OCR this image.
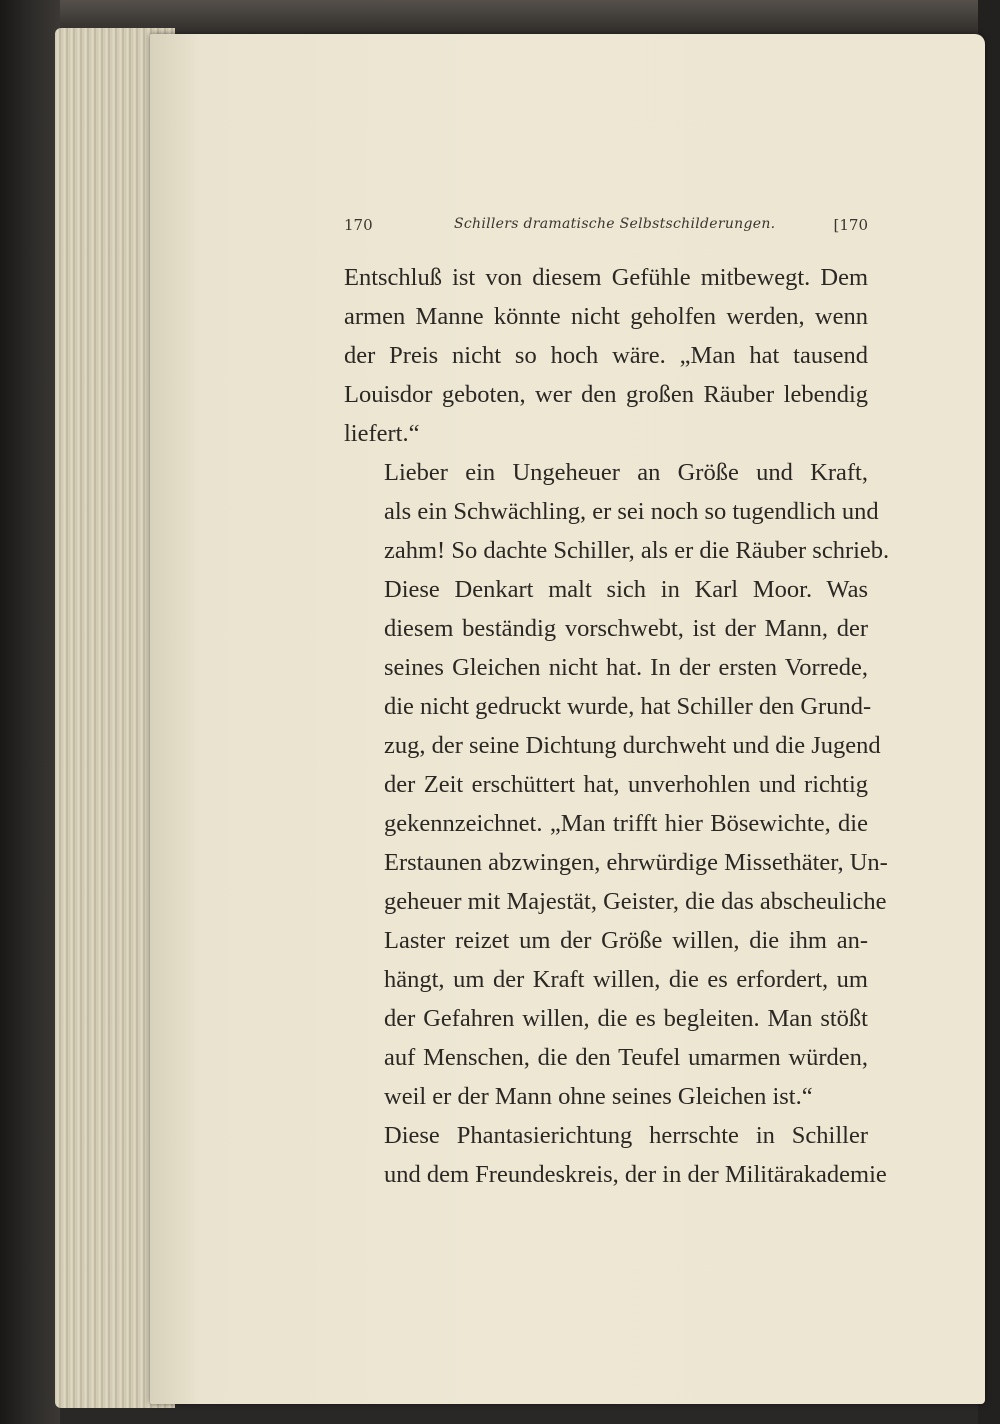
170	Schillers dramatische Selbstschilderungen.	[170

Entschluß ist von diesem Gefühle mitbewegt. Dem
armen Manne könnte nicht geholfen werden, wenn
der Preis nicht so hoch wäre. „Man hat tausend
Louisdor geboten, wer den großen Räuber lebendig
liefert.“

Lieber ein Ungeheuer an Größe und Kraft,
als ein Schwächling, er sei noch so tugendlich und
zahm! So dachte Schiller, als er die Räuber schrieb.
Diese Denkart malt sich in Karl Moor. Was
diesem beständig vorschwebt, ist der Mann, der
seines Gleichen nicht hat. In der ersten Vorrede,
die nicht gedruckt wurde, hat Schiller den Grund-
zug, der seine Dichtung durchweht und die Jugend
der Zeit erschüttert hat, unverhohlen und richtig
gekennzeichnet. „Man trifft hier Bösewichte, die
Erstaunen abzwingen, ehrwürdige Missethäter, Un-
geheuer mit Majestät, Geister, die das abscheuliche
Laster reizet um der Größe willen, die ihm an-
hängt, um der Kraft willen, die es erfordert, um
der Gefahren willen, die es begleiten. Man stößt
auf Menschen, die den Teufel umarmen würden,
weil er der Mann ohne seines Gleichen ist.“

Diese Phantasierichtung herrschte in Schiller
und dem Freundeskreis, der in der Militärakademie
